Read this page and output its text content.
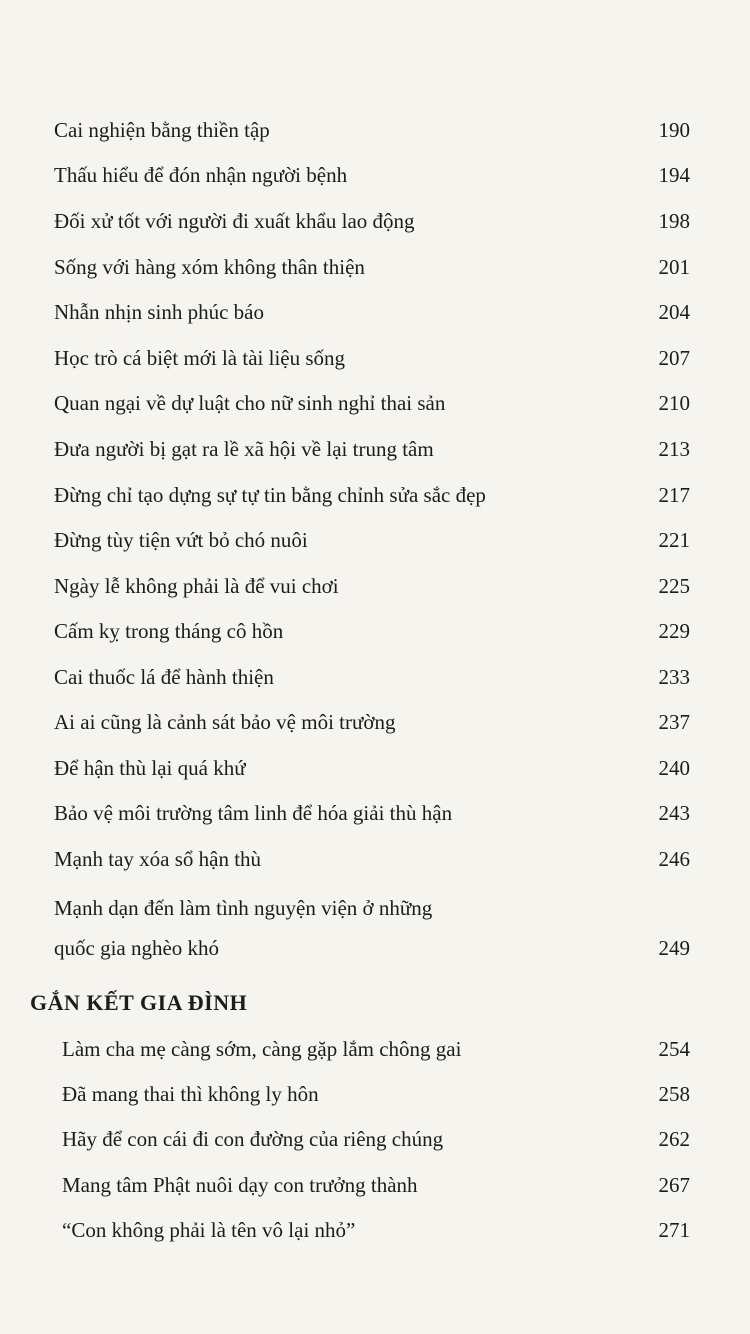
Cai nghiện bằng thiền tập	190
Thấu hiểu để đón nhận người bệnh	194
Đối xử tốt với người đi xuất khẩu lao động	198
Sống với hàng xóm không thân thiện	201
Nhẫn nhịn sinh phúc báo	204
Học trò cá biệt mới là tài liệu sống	207
Quan ngại về dự luật cho nữ sinh nghỉ thai sản	210
Đưa người bị gạt ra lề xã hội về lại trung tâm	213
Đừng chỉ tạo dựng sự tự tin bằng chỉnh sửa sắc đẹp	217
Đừng tùy tiện vứt bỏ chó nuôi	221
Ngày lễ không phải là để vui chơi	225
Cấm kỵ trong tháng cô hồn	229
Cai thuốc lá để hành thiện	233
Ai ai cũng là cảnh sát bảo vệ môi trường	237
Để hận thù lại quá khứ	240
Bảo vệ môi trường tâm linh để hóa giải thù hận	243
Mạnh tay xóa sổ hận thù	246
Mạnh dạn đến làm tình nguyện viện ở những
quốc gia nghèo khó	249
GẮN KẾT GIA ĐÌNH
Làm cha mẹ càng sớm, càng gặp lắm chông gai	254
Đã mang thai thì không ly hôn	258
Hãy để con cái đi con đường của riêng chúng	262
Mang tâm Phật nuôi dạy con trưởng thành	267
“Con không phải là tên vô lại nhỏ”	271
